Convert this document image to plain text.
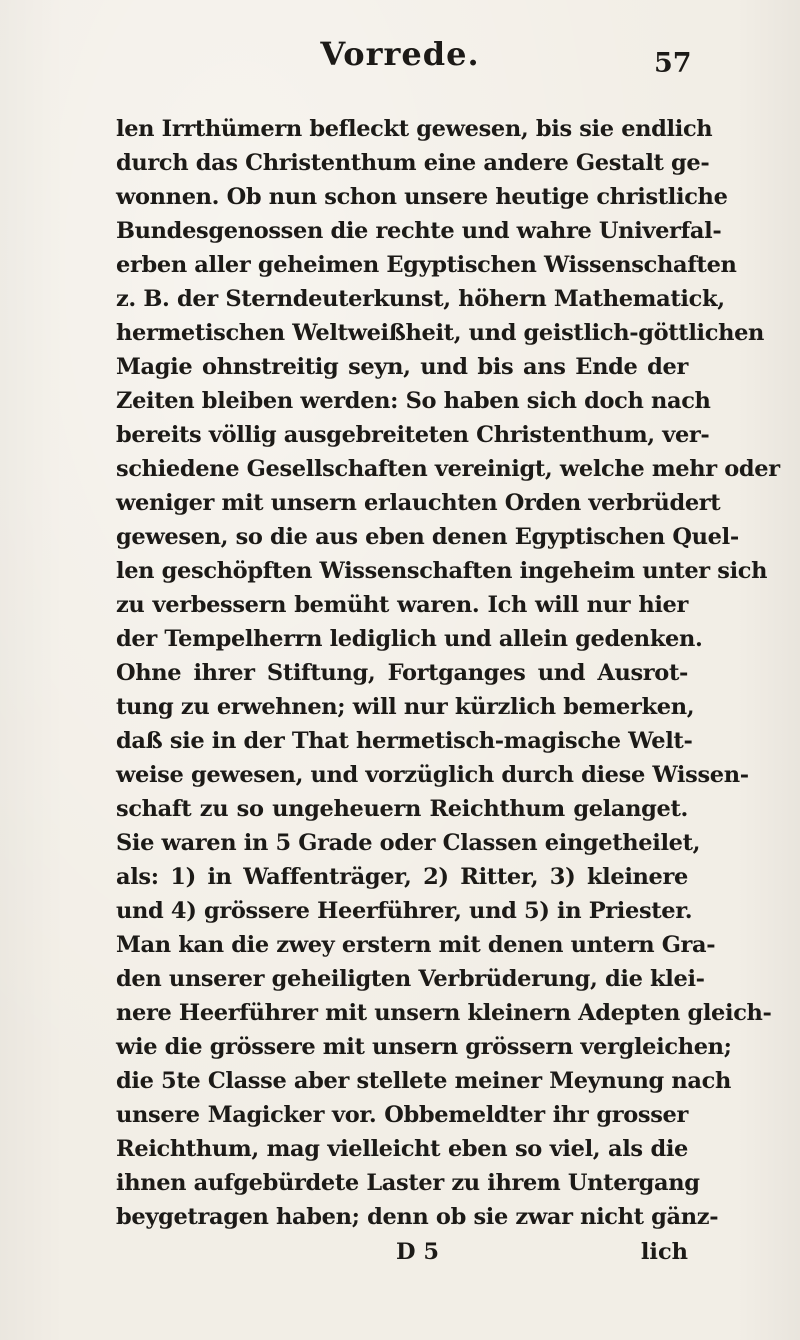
Vorrede.	57
len Irrthümern befleckt gewesen, bis sie endlich
durch das Christenthum eine andere Gestalt ge-
wonnen. Ob nun schon unsere heutige christliche
Bundesgenossen die rechte und wahre Univerfal-
erben aller geheimen Egyptischen Wissenschaften
z. B. der Sterndeuterkunst, höhern Mathematick,
hermetischen Weltweißheit, und geistlich-göttlichen
Magie ohnstreitig seyn, und bis ans Ende der
Zeiten bleiben werden: So haben sich doch nach
bereits völlig ausgebreiteten Christenthum, ver-
schiedene Gesellschaften vereinigt, welche mehr oder
weniger mit unsern erlauchten Orden verbrüdert
gewesen, so die aus eben denen Egyptischen Quel-
len geschöpften Wissenschaften ingeheim unter sich
zu verbessern bemüht waren. Ich will nur hier
der Tempelherrn lediglich und allein gedenken.
Ohne ihrer Stiftung, Fortganges und Ausrot-
tung zu erwehnen; will nur kürzlich bemerken,
daß sie in der That hermetisch-magische Welt-
weise gewesen, und vorzüglich durch diese Wissen-
schaft zu so ungeheuern Reichthum gelanget.
Sie waren in 5 Grade oder Classen eingetheilet,
als: 1) in Waffenträger, 2) Ritter, 3) kleinere
und 4) grössere Heerführer, und 5) in Priester.
Man kan die zwey erstern mit denen untern Gra-
den unserer geheiligten Verbrüderung, die klei-
nere Heerführer mit unsern kleinern Adepten gleich-
wie die grössere mit unsern grössern vergleichen;
die 5te Classe aber stellete meiner Meynung nach
unsere Magicker vor. Obbemeldter ihr grosser
Reichthum, mag vielleicht eben so viel, als die
ihnen aufgebürdete Laster zu ihrem Untergang
beygetragen haben; denn ob sie zwar nicht gänz-
D 5	lich
